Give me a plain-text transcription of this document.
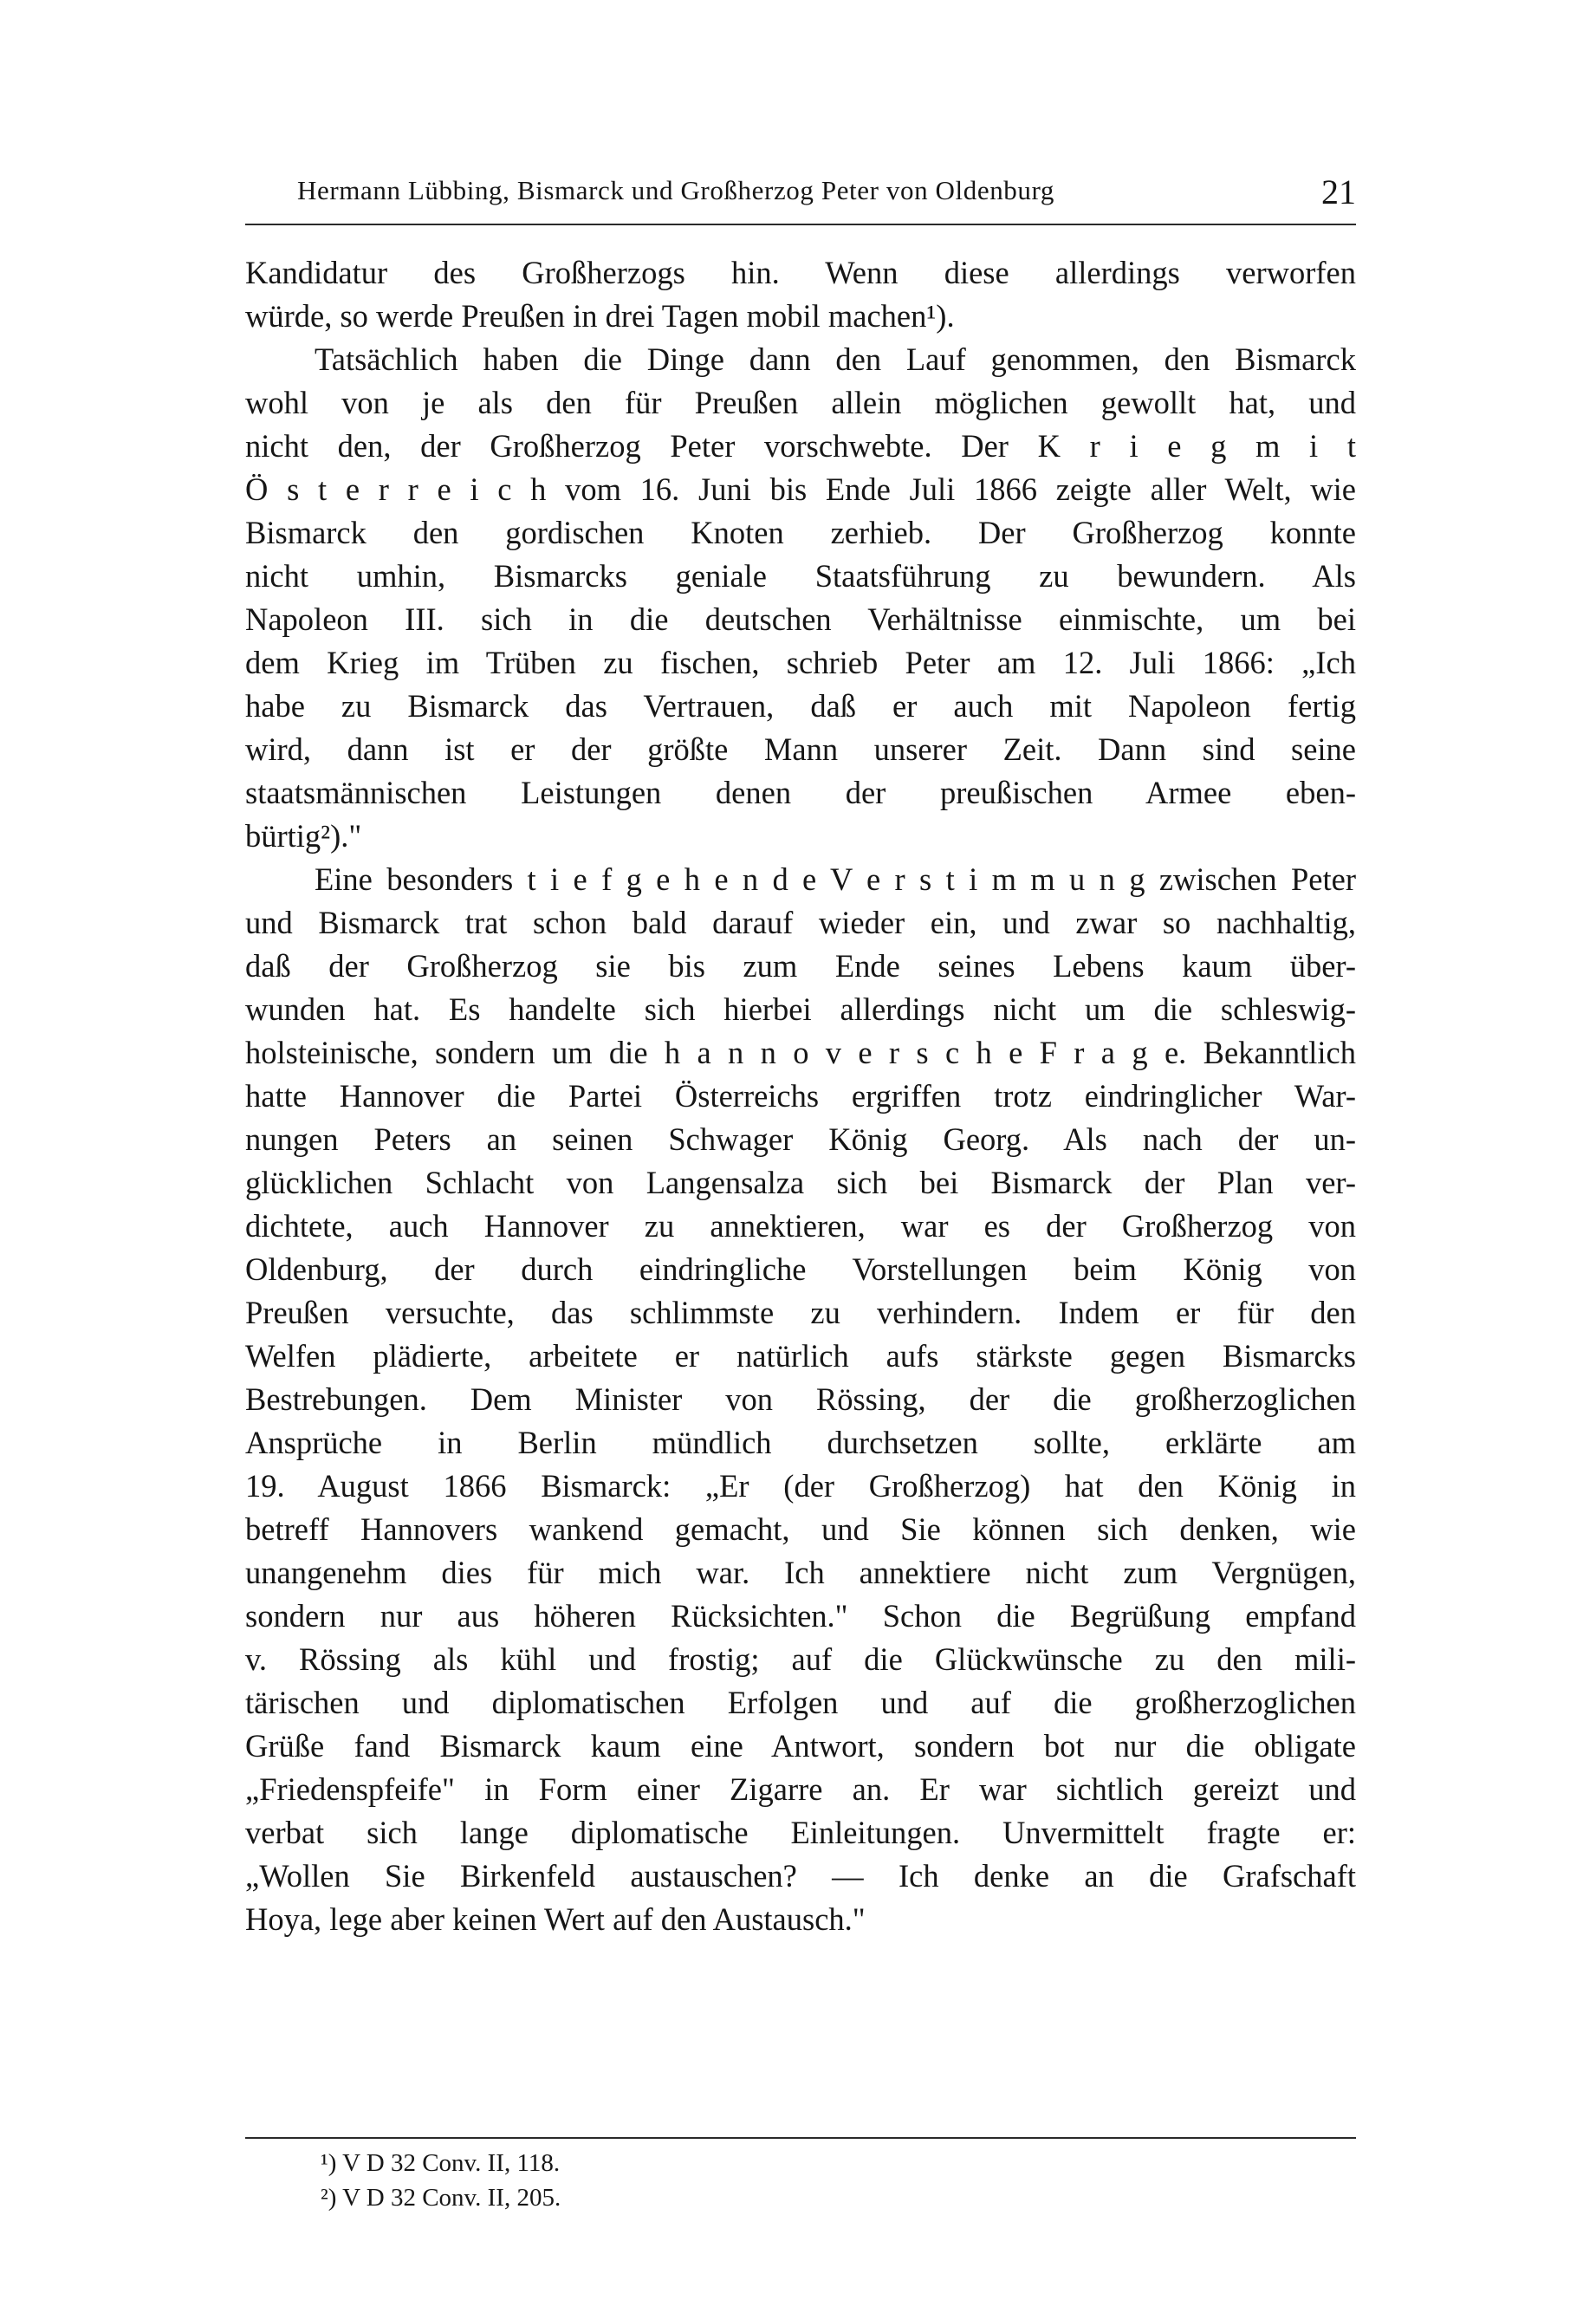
Hermann Lübbing, Bismarck und Großherzog Peter von Oldenburg	21
Kandidatur des Großherzogs hin. Wenn diese allerdings verworfen
würde, so werde Preußen in drei Tagen mobil machen¹).
Tatsächlich haben die Dinge dann den Lauf genommen, den Bismarck
wohl von je als den für Preußen allein möglichen gewollt hat, und
nicht den, der Großherzog Peter vorschwebte. Der K r i e g m i t
Ö s t e r r e i c h vom 16. Juni bis Ende Juli 1866 zeigte aller Welt, wie
Bismarck den gordischen Knoten zerhieb. Der Großherzog konnte
nicht umhin, Bismarcks geniale Staatsführung zu bewundern. Als
Napoleon III. sich in die deutschen Verhältnisse einmischte, um bei
dem Krieg im Trüben zu fischen, schrieb Peter am 12. Juli 1866: „Ich
habe zu Bismarck das Vertrauen, daß er auch mit Napoleon fertig
wird, dann ist er der größte Mann unserer Zeit. Dann sind seine
staatsmännischen Leistungen denen der preußischen Armee eben-
bürtig²)."
Eine besonders t i e f g e h e n d e V e r s t i m m u n g zwischen Peter
und Bismarck trat schon bald darauf wieder ein, und zwar so nachhaltig,
daß der Großherzog sie bis zum Ende seines Lebens kaum über-
wunden hat. Es handelte sich hierbei allerdings nicht um die schleswig-
holsteinische, sondern um die h a n n o v e r s c h e F r a g e. Bekanntlich
hatte Hannover die Partei Österreichs ergriffen trotz eindringlicher War-
nungen Peters an seinen Schwager König Georg. Als nach der un-
glücklichen Schlacht von Langensalza sich bei Bismarck der Plan ver-
dichtete, auch Hannover zu annektieren, war es der Großherzog von
Oldenburg, der durch eindringliche Vorstellungen beim König von
Preußen versuchte, das schlimmste zu verhindern. Indem er für den
Welfen plädierte, arbeitete er natürlich aufs stärkste gegen Bismarcks
Bestrebungen. Dem Minister von Rössing, der die großherzoglichen
Ansprüche in Berlin mündlich durchsetzen sollte, erklärte am
19. August 1866 Bismarck: „Er (der Großherzog) hat den König in
betreff Hannovers wankend gemacht, und Sie können sich denken, wie
unangenehm dies für mich war. Ich annektiere nicht zum Vergnügen,
sondern nur aus höheren Rücksichten." Schon die Begrüßung empfand
v. Rössing als kühl und frostig; auf die Glückwünsche zu den mili-
tärischen und diplomatischen Erfolgen und auf die großherzoglichen
Grüße fand Bismarck kaum eine Antwort, sondern bot nur die obligate
„Friedenspfeife" in Form einer Zigarre an. Er war sichtlich gereizt und
verbat sich lange diplomatische Einleitungen. Unvermittelt fragte er:
„Wollen Sie Birkenfeld austauschen? — Ich denke an die Grafschaft
Hoya, lege aber keinen Wert auf den Austausch."
¹) V D 32 Conv. II, 118.
²) V D 32 Conv. II, 205.
